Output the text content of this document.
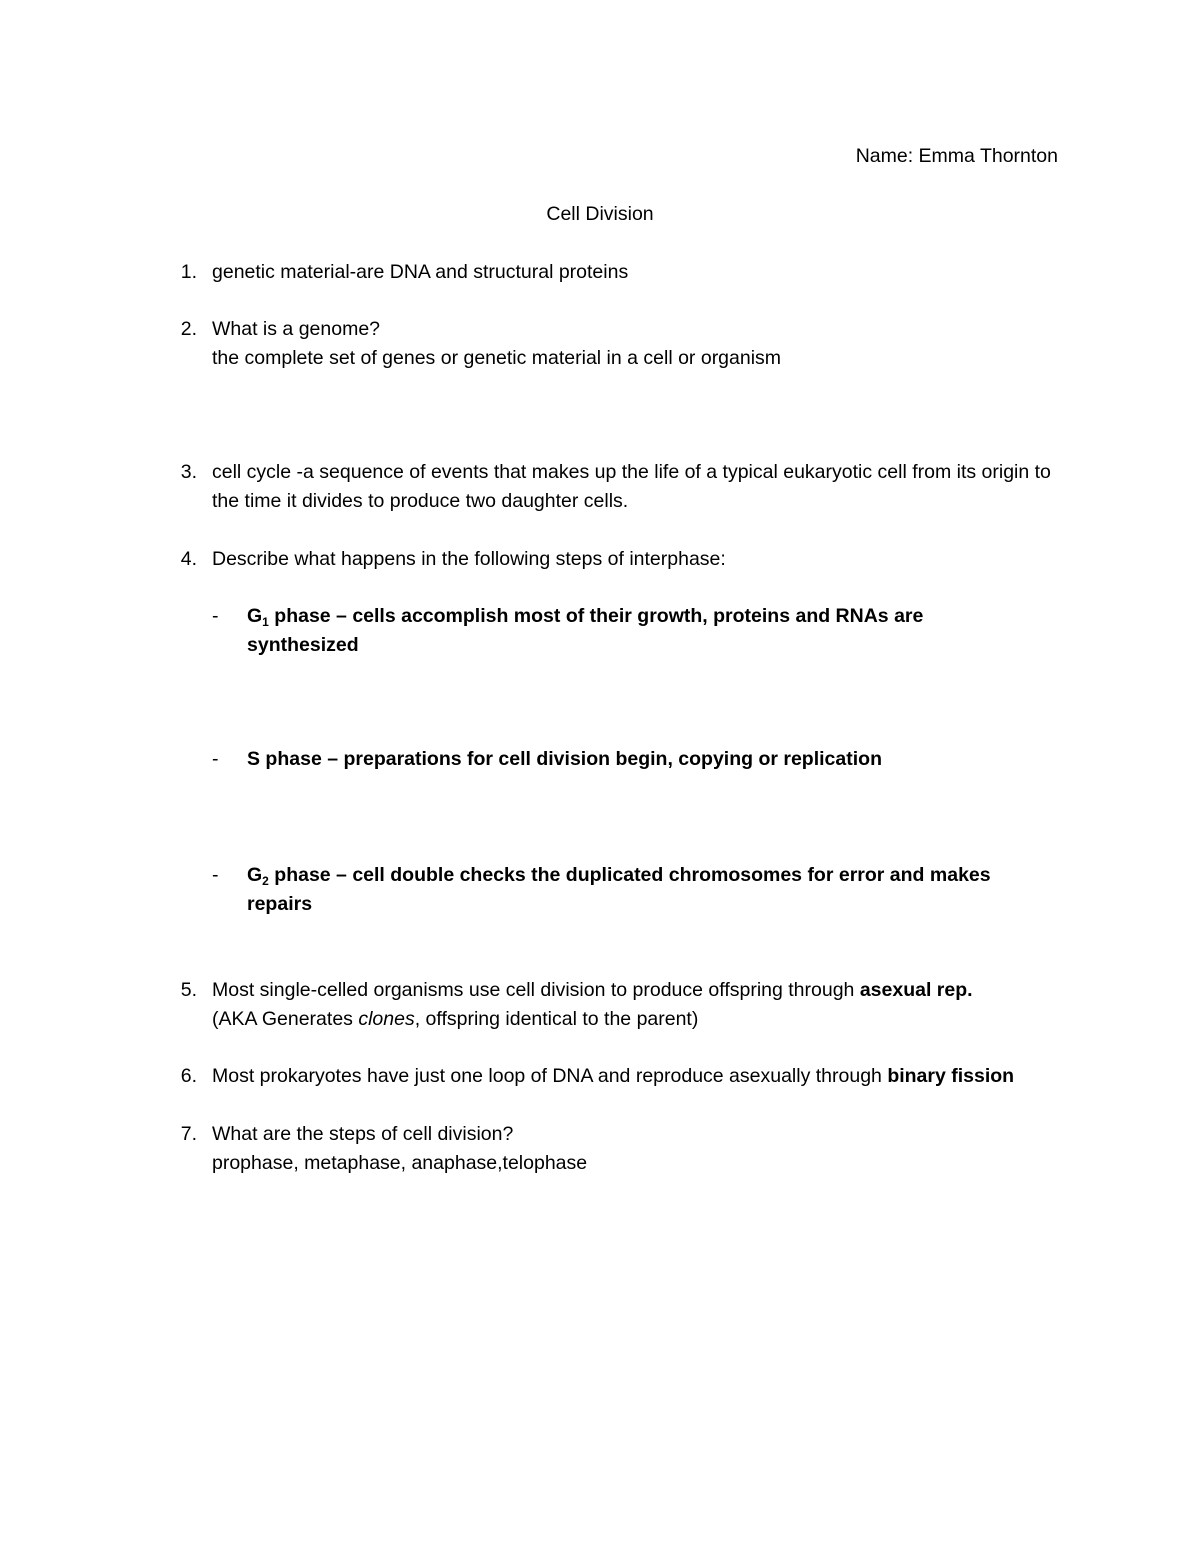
Name: Emma Thornton
Cell Division
1. genetic material-are DNA and structural proteins
2. What is a genome?
the complete set of genes or genetic material in a cell or organism
3. cell cycle -a sequence of events that makes up the life of a typical eukaryotic cell from its origin to the time it divides to produce two daughter cells.
4. Describe what happens in the following steps of interphase:
- $G_1$ phase – cells accomplish most of their growth, proteins and RNAs are synthesized
- S phase – preparations for cell division begin, copying or replication
- $G_2$ phase – cell double checks the duplicated chromosomes for error and makes repairs
5. Most single-celled organisms use cell division to produce offspring through asexual rep.
(AKA Generates clones, offspring identical to the parent)
6. Most prokaryotes have just one loop of DNA and reproduce asexually through binary fission
7. What are the steps of cell division?
prophase, metaphase, anaphase,telophase
